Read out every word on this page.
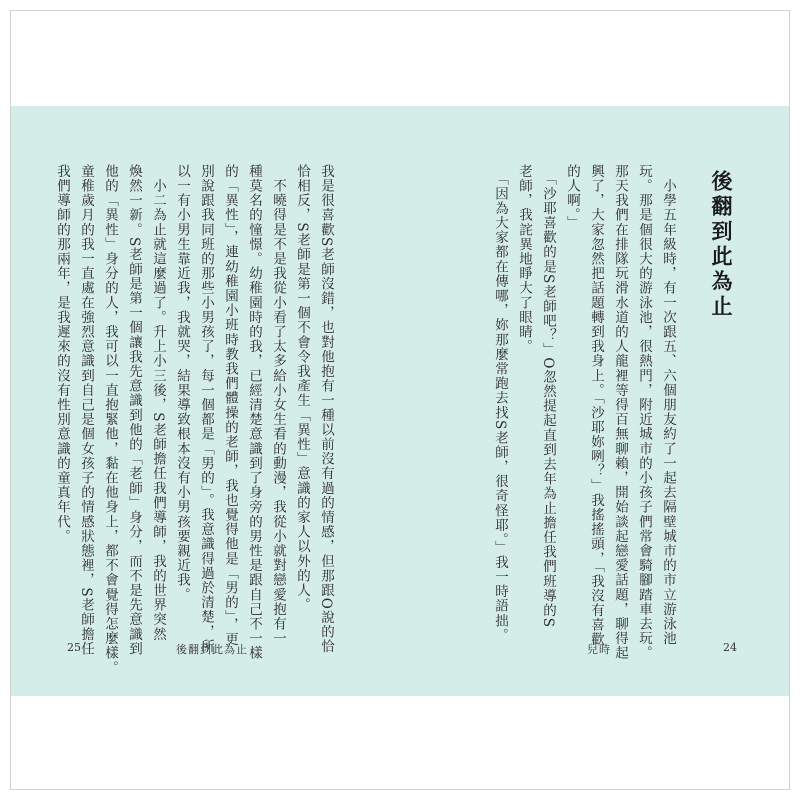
後翻到此為止
　小學五年級時，有一次跟五、六個朋友約了一起去隔壁城市的市立游泳池
玩。那是個很大的游泳池，很熱門，附近城市的小孩子們常會騎腳踏車去玩。
那天我們在排隊玩滑水道的人龍裡等得百無聊賴，開始談起戀愛話題，聊得起
興了，大家忽然把話題轉到我身上。「沙耶妳咧？」我搖搖頭，「我沒有喜歡
的人啊。」
　「沙耶喜歡的是S老師吧？」O忽然提起直到去年為止擔任我們班導的S
老師，我詫異地睜大了眼睛。
　「因為大家都在傳哪，妳那麼常跑去找S老師，很奇怪耶。」我一時語拙。
我是很喜歡S老師沒錯，也對他抱有一種以前沒有過的情感，但那跟O說的恰
恰相反，S老師是第一個不會令我產生「異性」意識的家人以外的人。
　不曉得是不是我從小看了太多給小女生看的動漫，我從小就對戀愛抱有一
種莫名的憧憬。幼稚園時的我，已經清楚意識到了身旁的男性是跟自己不一樣
的「異性」，連幼稚園小班時教我們體操的老師，我也覺得他是「男的」，更
別說跟我同班的那些小男孩了，每一個都是「男的」。我意識得過於清楚，所
以一有小男生靠近我，我就哭，結果導致根本沒有小男孩要親近我。
　小二為止就這麼過了。升上小三後，S老師擔任我們導師，我的世界突然
煥然一新。S老師是第一個讓我先意識到他的「老師」身分，而不是先意識到
他的「異性」身分的人，我可以一直抱緊他，黏在他身上，都不會覺得怎麼樣。
童稚歲月的我一直處在強烈意識到自己是個女孩子的情感狀態裡，S老師擔任
我們導師的那兩年，是我遲來的沒有性別意識的童真年代。
25	後翻到此為止	兒時	24
